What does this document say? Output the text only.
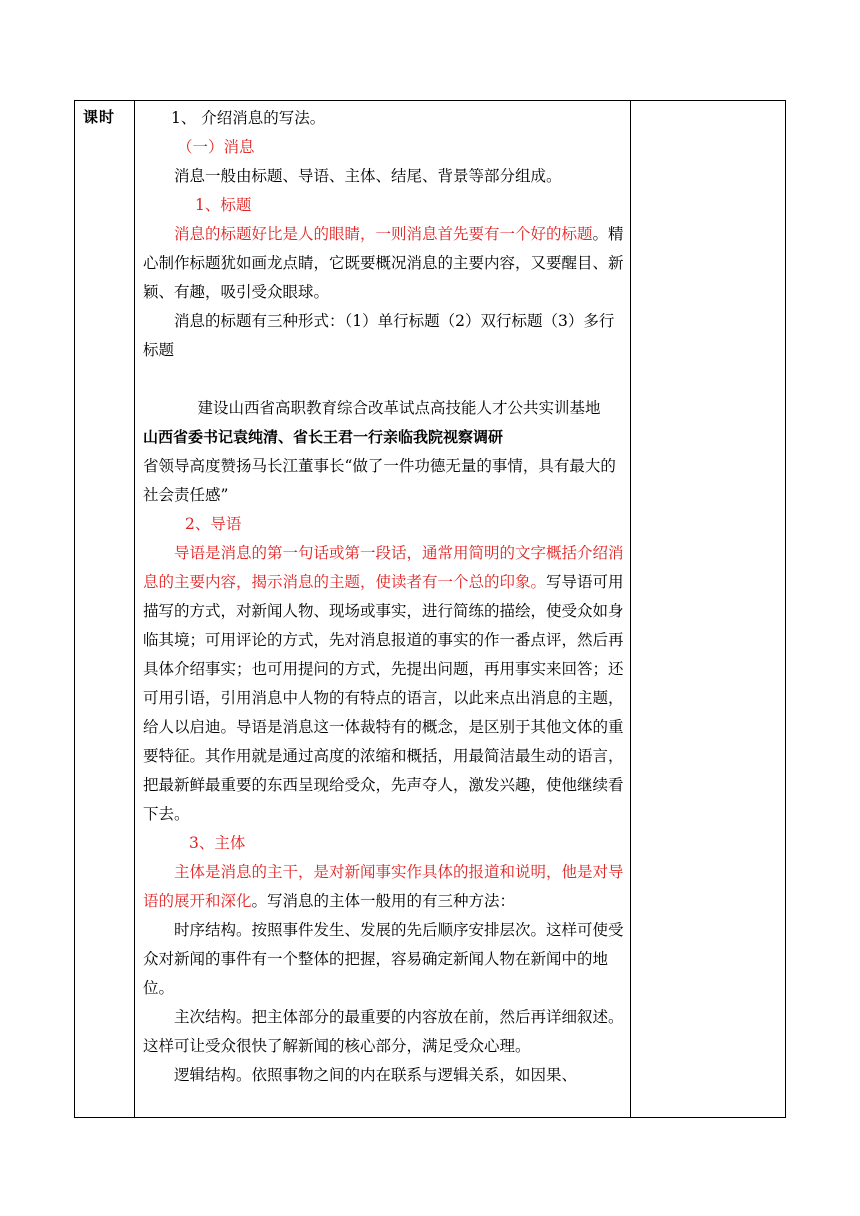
课时	1、 介绍消息的写法。

（一）消息

消息一般由标题、导语、主体、结尾、背景等部分组成。

1、标题

消息的标题好比是人的眼睛，一则消息首先要有一个好的标题。精心制作标题犹如画龙点睛，它既要概况消息的主要内容，又要醒目、新颖、有趣，吸引受众眼球。

消息的标题有三种形式：（1）单行标题（2）双行标题（3）多行标题

建设山西省高职教育综合改革试点高技能人才公共实训基地

山西省委书记袁纯清、省长王君一行亲临我院视察调研

省领导高度赞扬马长江董事长“做了一件功德无量的事情，具有最大的社会责任感”

2、导语

导语是消息的第一句话或第一段话，通常用简明的文字概括介绍消息的主要内容，揭示消息的主题，使读者有一个总的印象。写导语可用描写的方式，对新闻人物、现场或事实，进行简练的描绘，使受众如身临其境；可用评论的方式，先对消息报道的事实的作一番点评，然后再具体介绍事实；也可用提问的方式，先提出问题，再用事实来回答；还可用引语，引用消息中人物的有特点的语言，以此来点出消息的主题，给人以启迪。导语是消息这一体裁特有的概念，是区别于其他文体的重要特征。其作用就是通过高度的浓缩和概括，用最简洁最生动的语言，把最新鲜最重要的东西呈现给受众，先声夺人，激发兴趣，使他继续看下去。

3、主体

主体是消息的主干，是对新闻事实作具体的报道和说明，他是对导语的展开和深化。写消息的主体一般用的有三种方法：

时序结构。按照事件发生、发展的先后顺序安排层次。这样可使受众对新闻的事件有一个整体的把握，容易确定新闻人物在新闻中的地位。

主次结构。把主体部分的最重要的内容放在前，然后再详细叙述。这样可让受众很快了解新闻的核心部分，满足受众心理。

逻辑结构。依照事物之间的内在联系与逻辑关系，如因果、
